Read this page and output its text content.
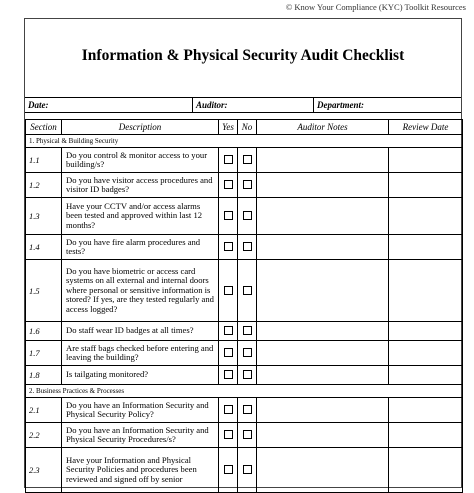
© Know Your Compliance (KYC) Toolkit Resources
Information & Physical Security Audit Checklist
Date:	Auditor:	Department:
Section	Description	Yes	No	Auditor Notes	Review Date
1. Physical & Building Security					
1.1	Do you control & monitor access to your building/s?				
1.2	Do you have visitor access procedures and visitor ID badges?				
1.3	Have your CCTV and/or access alarms been tested and approved within last 12 months?				
1.4	Do you have fire alarm procedures and tests?				
1.5	Do you have biometric or access card systems on all external and internal doors where personal or sensitive information is stored? If yes, are they tested regularly and access logged?				
1.6	Do staff wear ID badges at all times?				
1.7	Are staff bags checked before entering and leaving the building?				
1.8	Is tailgating monitored?				
2. Business Practices & Processes					
2.1	Do you have an Information Security and Physical Security Policy?				
2.2	Do you have an Information Security and Physical Security Procedures/s?				
2.3	Have your Information and Physical Security Policies and procedures been reviewed and signed off by senior				
